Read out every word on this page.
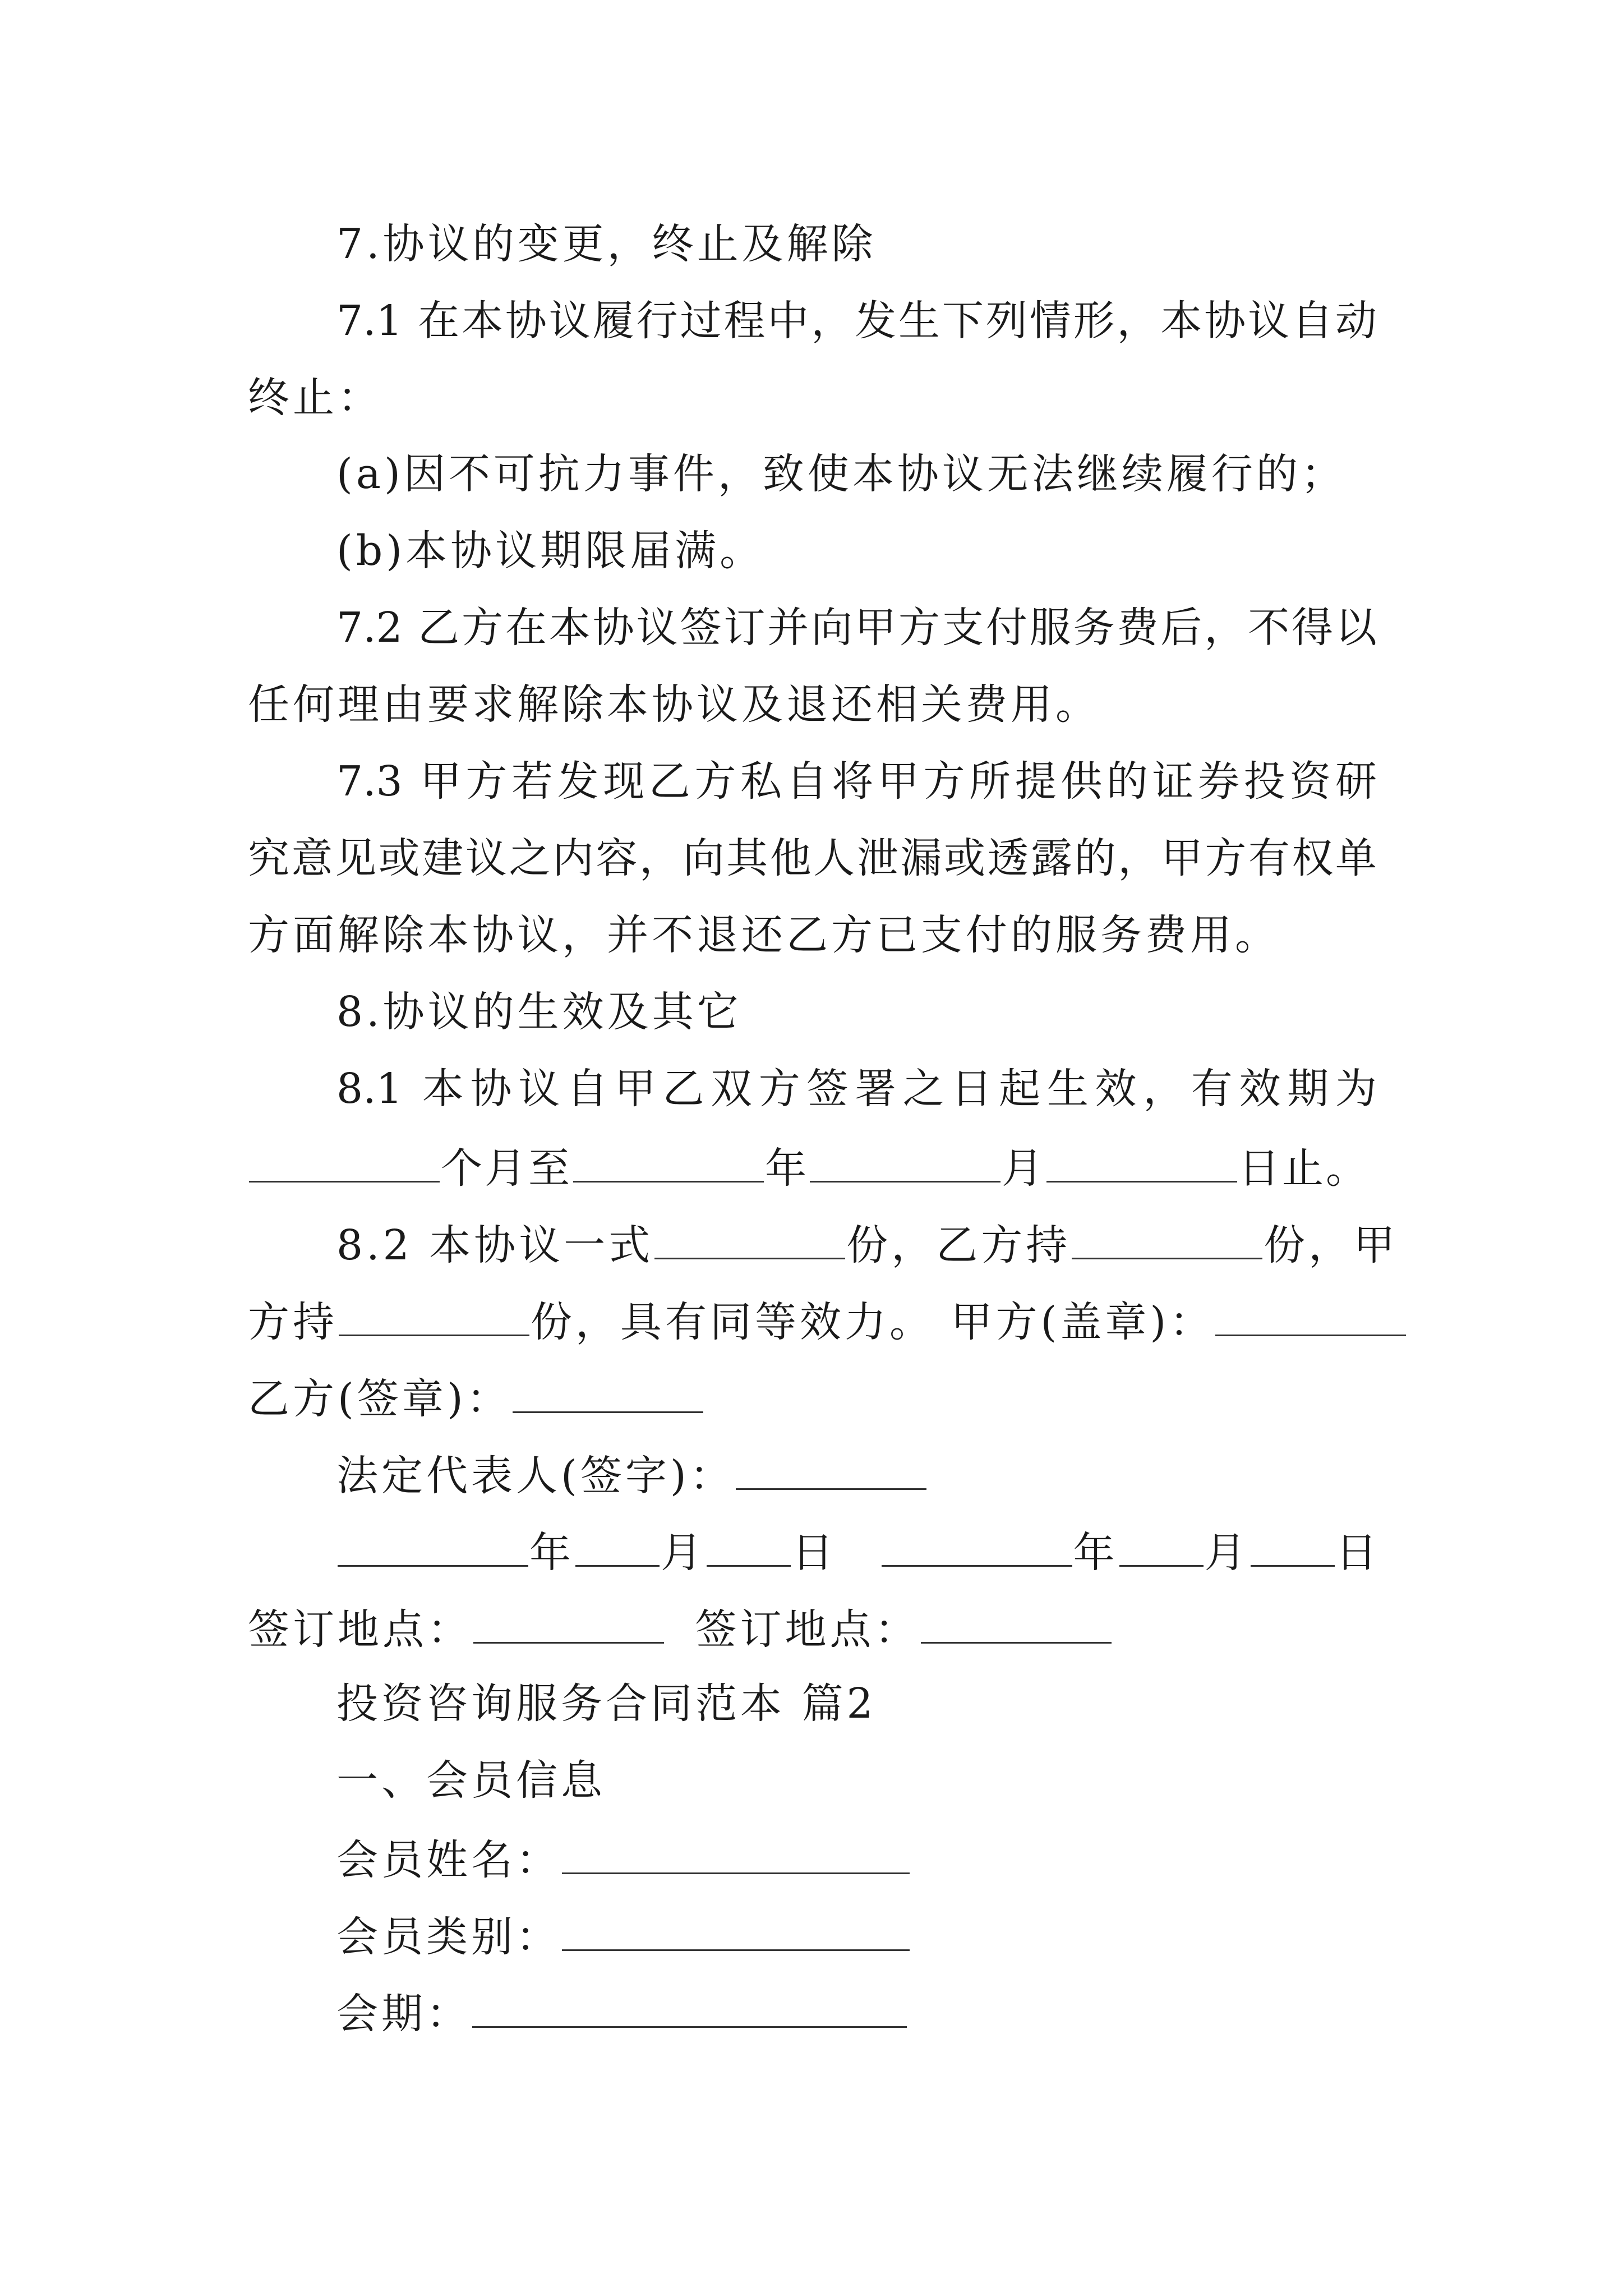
7.协议的变更，终止及解除
7.1 在本协议履行过程中，发生下列情形，本协议自动
终止：
(a)因不可抗力事件，致使本协议无法继续履行的；
(b)本协议期限届满。
7.2 乙方在本协议签订并向甲方支付服务费后，不得以
任何理由要求解除本协议及退还相关费用。
7.3 甲方若发现乙方私自将甲方所提供的证券投资研
究意见或建议之内容，向其他人泄漏或透露的，甲方有权单
方面解除本协议，并不退还乙方已支付的服务费用。
8.协议的生效及其它
8.1 本协议自甲乙双方签署之日起生效，有效期为
个月至	年	月	日止。
8.2 本协议一式	份，乙方持	份，甲
方持	份，具有同等效力。 甲方(盖章)：
乙方(签章)：
法定代表人(签字)：
年 月 日	年 月 日
签订地点：	签订地点：
投资咨询服务合同范本 篇2
一、会员信息
会员姓名：
会员类别：
会期：
